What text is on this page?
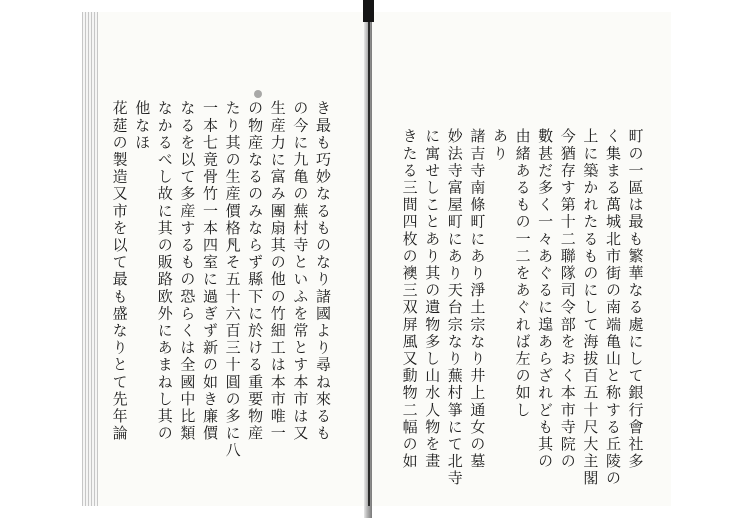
町の一區は最も繁華なる處にして銀行會社多
く集まる萬城北市街の南端亀山と称する丘陵の
上に築かれたるものにして海拔百五十尺大主閣
今猶存す第十二聯隊司令部をおく本市寺院の
數甚だ多く一々あぐるに遑あらざれども其の
由緒あるもの一二をあぐれば左の如し
あり
諸吉寺南條町にあり淨土宗なり井上通女の墓
妙法寺富屋町にあり天台宗なり蕪村箏にて北寺
に寓せしことあり其の遺物多し山水人物を畫
きたる三間四枚の襖三双屏風又動物二幅の如
き最も巧妙なるものなり諸國より尋ね來るも
の今に九亀の蕪村寺といふを常とす本市は又
生産力に富み團扇其の他の竹細工は本市唯一
の物産なるのみならず縣下に於ける重要物産
たり其の生産價格凡そ五十六百三十圓の多に八
一本七竟骨竹一本四室に過ぎず新の如き廉價
なるを以て多産するもの恐らくは全國中比類
なかるべし故に其の販路欧外にあまねし其の
他なほ
花莚の製造又市を以て最も盛なりとて先年論
